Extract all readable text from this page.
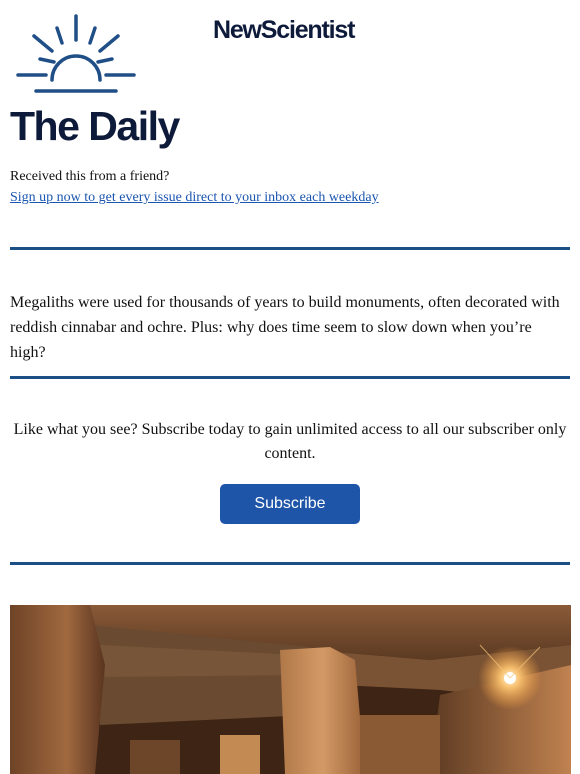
NewScientist
The Daily
Received this from a friend?
Sign up now to get every issue direct to your inbox each weekday
Megaliths were used for thousands of years to build monuments, often decorated with reddish cinnabar and ochre. Plus: why does time seem to slow down when you’re high?
Like what you see? Subscribe today to gain unlimited access to all our subscriber only content.
Subscribe
